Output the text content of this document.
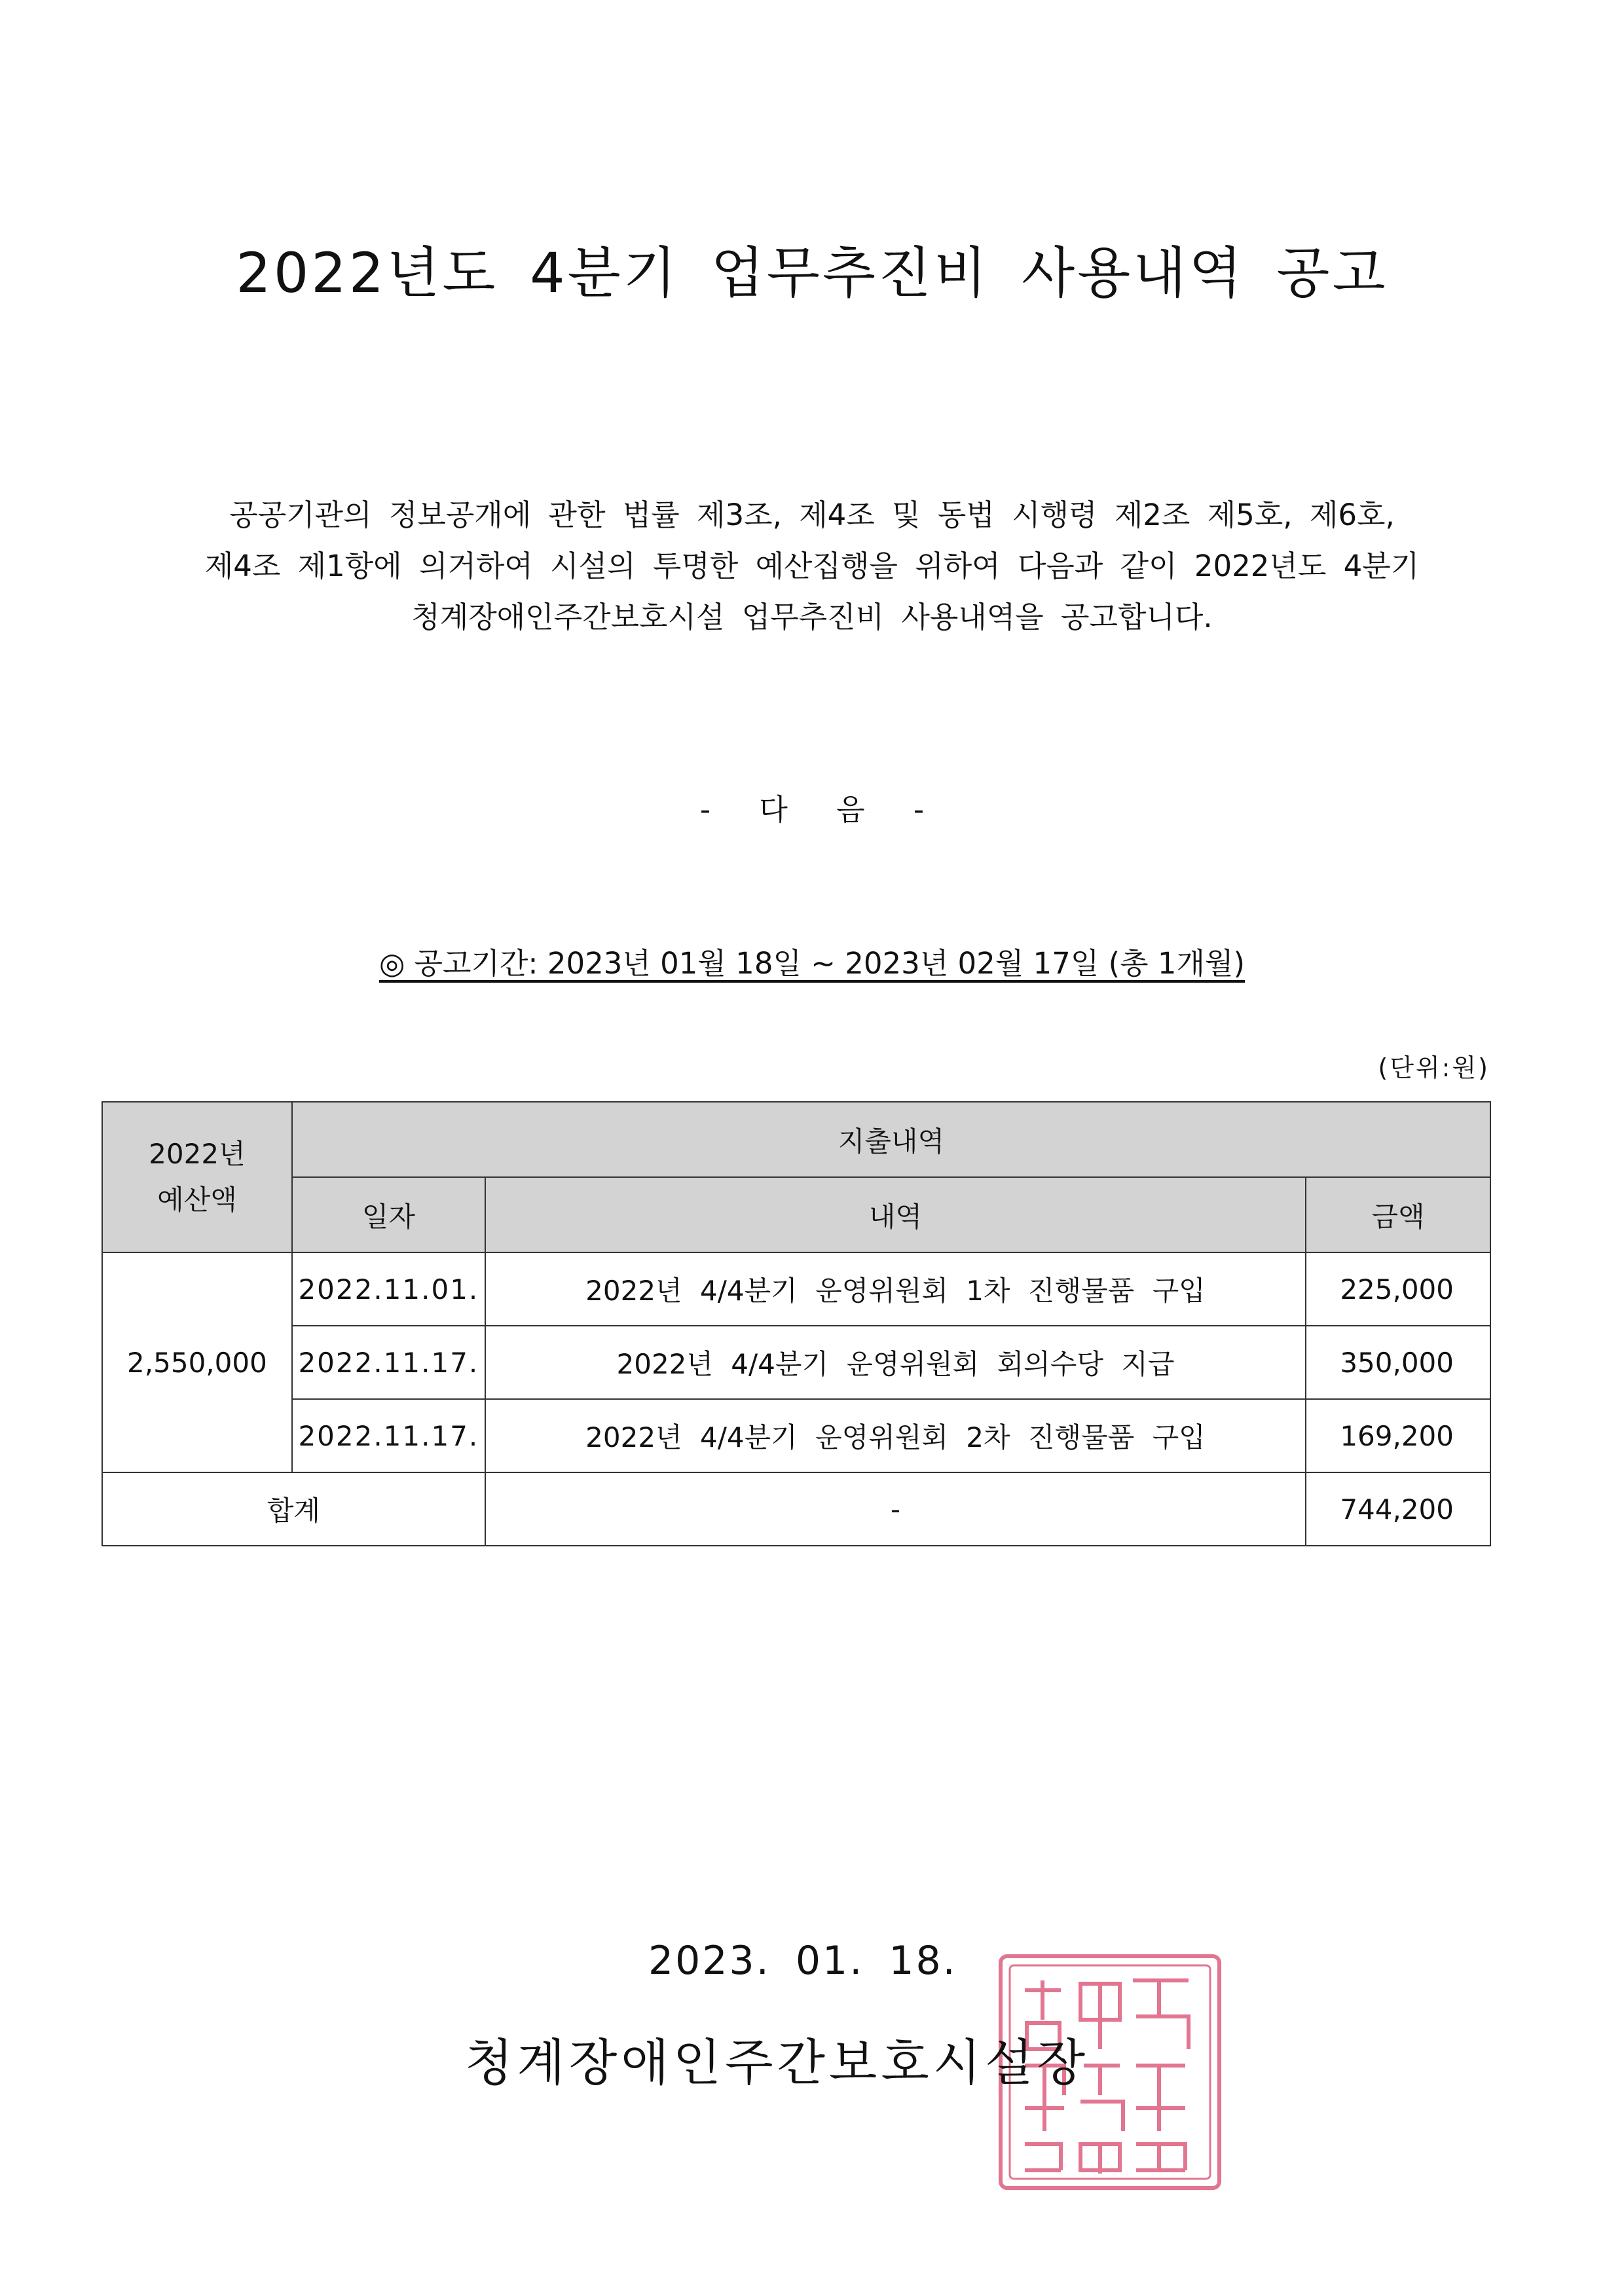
2022년도 4분기 업무추진비 사용내역 공고
공공기관의 정보공개에 관한 법률 제3조, 제4조 및 동법 시행령 제2조 제5호, 제6호,
제4조 제1항에 의거하여 시설의 투명한 예산집행을 위하여 다음과 같이 2022년도 4분기
청계장애인주간보호시설 업무추진비 사용내역을 공고합니다.
- 다 음 -
◎ 공고기간: 2023년 01월 18일 ~ 2023년 02월 17일 (총 1개월)
(단위:원)
2022년
예산액	지출내역		
	일자	내역	금액
2,550,000	2022.11.01.	2022년 4/4분기 운영위원회 1차 진행물품 구입	225,000
	2022.11.17.	2022년 4/4분기 운영위원회 회의수당 지급	350,000
	2022.11.17.	2022년 4/4분기 운영위원회 2차 진행물품 구입	169,200
합계		-	744,200
2023. 01. 18.
청계장애인주간보호시설장
